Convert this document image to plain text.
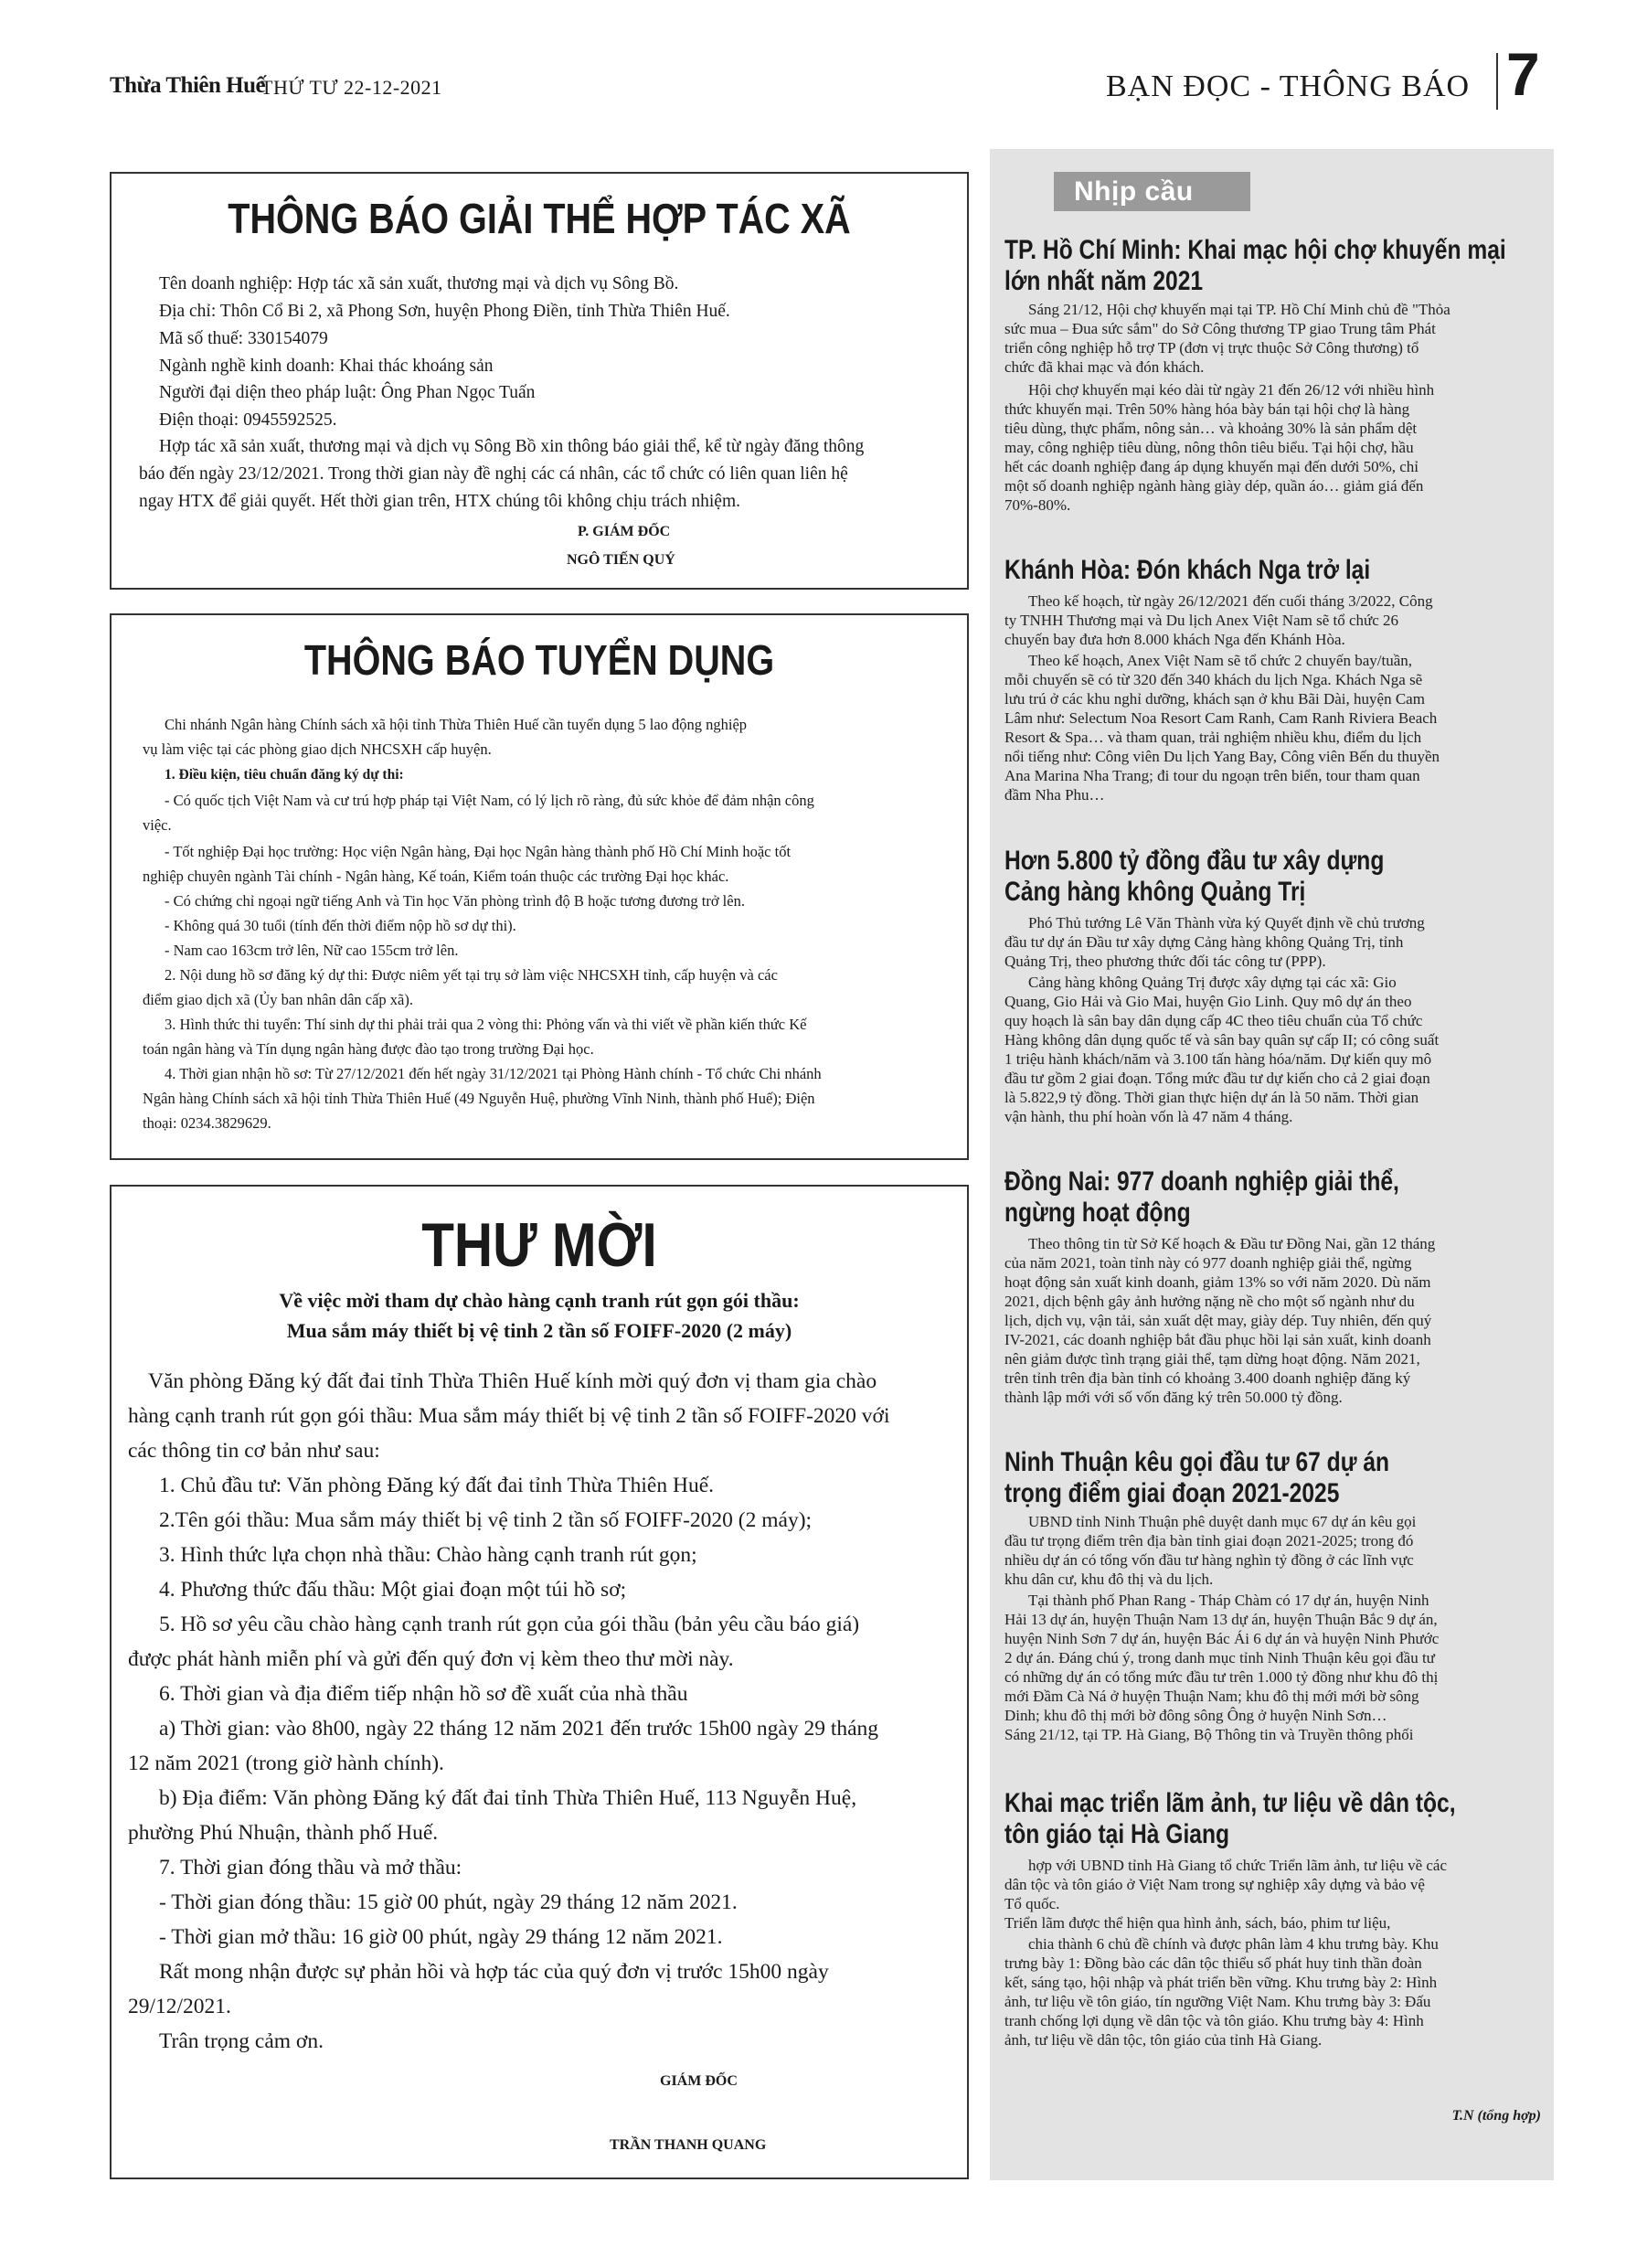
Thừa Thiên Huế
THỨ TƯ 22-12-2021	BẠN ĐỌC - THÔNG BÁO 7
THÔNG BÁO GIẢI THỂ HỢP TÁC XÃ
Tên doanh nghiệp: Hợp tác xã sản xuất, thương mại và dịch vụ Sông Bồ.
Địa chỉ: Thôn Cổ Bi 2, xã Phong Sơn, huyện Phong Điền, tỉnh Thừa Thiên Huế.
Mã số thuế: 330154079
Ngành nghề kinh doanh: Khai thác khoáng sản
Người đại diện theo pháp luật: Ông Phan Ngọc Tuấn
Điện thoại: 0945592525.
Hợp tác xã sản xuất, thương mại và dịch vụ Sông Bồ xin thông báo giải thể, kể từ ngày đăng thông
báo đến ngày 23/12/2021. Trong thời gian này đề nghị các cá nhân, các tổ chức có liên quan liên hệ
ngay HTX để giải quyết. Hết thời gian trên, HTX chúng tôi không chịu trách nhiệm.
P. GIÁM ĐỐC
NGÔ TIẾN QUÝ
THÔNG BÁO TUYỂN DỤNG
Chi nhánh Ngân hàng Chính sách xã hội tỉnh Thừa Thiên Huế cần tuyển dụng 5 lao động nghiệp
vụ làm việc tại các phòng giao dịch NHCSXH cấp huyện.
1. Điều kiện, tiêu chuẩn đăng ký dự thi:
- Có quốc tịch Việt Nam và cư trú hợp pháp tại Việt Nam, có lý lịch rõ ràng, đủ sức khỏe để đảm nhận công
việc.
- Tốt nghiệp Đại học trường: Học viện Ngân hàng, Đại học Ngân hàng thành phố Hồ Chí Minh hoặc tốt
nghiệp chuyên ngành Tài chính - Ngân hàng, Kế toán, Kiểm toán thuộc các trường Đại học khác.
- Có chứng chỉ ngoại ngữ tiếng Anh và Tin học Văn phòng trình độ B hoặc tương đương trở lên.
- Không quá 30 tuổi (tính đến thời điểm nộp hồ sơ dự thi).
- Nam cao 163cm trở lên, Nữ cao 155cm trở lên.
2. Nội dung hồ sơ đăng ký dự thi: Được niêm yết tại trụ sở làm việc NHCSXH tỉnh, cấp huyện và các
điểm giao dịch xã (Ủy ban nhân dân cấp xã).
3. Hình thức thi tuyển: Thí sinh dự thi phải trải qua 2 vòng thi: Phỏng vấn và thi viết về phần kiến thức Kế
toán ngân hàng và Tín dụng ngân hàng được đào tạo trong trường Đại học.
4. Thời gian nhận hồ sơ: Từ 27/12/2021 đến hết ngày 31/12/2021 tại Phòng Hành chính - Tổ chức Chi nhánh
Ngân hàng Chính sách xã hội tỉnh Thừa Thiên Huế (49 Nguyễn Huệ, phường Vĩnh Ninh, thành phố Huế); Điện
thoại: 0234.3829629.
THƯ MỜI
Về việc mời tham dự chào hàng cạnh tranh rút gọn gói thầu:
Mua sắm máy thiết bị vệ tinh 2 tần số FOIFF-2020 (2 máy)
Văn phòng Đăng ký đất đai tỉnh Thừa Thiên Huế kính mời quý đơn vị tham gia chào
hàng cạnh tranh rút gọn gói thầu: Mua sắm máy thiết bị vệ tinh 2 tần số FOIFF-2020 với
các thông tin cơ bản như sau:
1. Chủ đầu tư: Văn phòng Đăng ký đất đai tỉnh Thừa Thiên Huế.
2.Tên gói thầu: Mua sắm máy thiết bị vệ tinh 2 tần số FOIFF-2020 (2 máy);
3. Hình thức lựa chọn nhà thầu: Chào hàng cạnh tranh rút gọn;
4. Phương thức đấu thầu: Một giai đoạn một túi hồ sơ;
5. Hồ sơ yêu cầu chào hàng cạnh tranh rút gọn của gói thầu (bản yêu cầu báo giá)
được phát hành miễn phí và gửi đến quý đơn vị kèm theo thư mời này.
6. Thời gian và địa điểm tiếp nhận hồ sơ đề xuất của nhà thầu
a) Thời gian: vào 8h00, ngày 22 tháng 12 năm 2021 đến trước 15h00 ngày 29 tháng
12 năm 2021 (trong giờ hành chính).
b) Địa điểm: Văn phòng Đăng ký đất đai tỉnh Thừa Thiên Huế, 113 Nguyễn Huệ,
phường Phú Nhuận, thành phố Huế.
7. Thời gian đóng thầu và mở thầu:
- Thời gian đóng thầu: 15 giờ 00 phút, ngày 29 tháng 12 năm 2021.
- Thời gian mở thầu: 16 giờ 00 phút, ngày 29 tháng 12 năm 2021.
Rất mong nhận được sự phản hồi và hợp tác của quý đơn vị trước 15h00 ngày
29/12/2021.
Trân trọng cảm ơn.
GIÁM ĐỐC
TRẦN THANH QUANG
Nhịp cầu
TP. Hồ Chí Minh: Khai mạc hội chợ khuyến mại
lớn nhất năm 2021
Sáng 21/12, Hội chợ khuyến mại tại TP. Hồ Chí Minh chủ đề "Thỏa
sức mua – Đua sức sắm" do Sở Công thương TP giao Trung tâm Phát
triển công nghiệp hỗ trợ TP (đơn vị trực thuộc Sở Công thương) tổ
chức đã khai mạc và đón khách.
Hội chợ khuyến mại kéo dài từ ngày 21 đến 26/12 với nhiều hình
thức khuyến mại. Trên 50% hàng hóa bày bán tại hội chợ là hàng
tiêu dùng, thực phẩm, nông sản… và khoảng 30% là sản phẩm dệt
may, công nghiệp tiêu dùng, nông thôn tiêu biểu. Tại hội chợ, hầu
hết các doanh nghiệp đang áp dụng khuyến mại đến dưới 50%, chỉ
một số doanh nghiệp ngành hàng giày dép, quần áo… giảm giá đến
70%-80%.
Khánh Hòa: Đón khách Nga trở lại
Theo kế hoạch, từ ngày 26/12/2021 đến cuối tháng 3/2022, Công
ty TNHH Thương mại và Du lịch Anex Việt Nam sẽ tổ chức 26
chuyến bay đưa hơn 8.000 khách Nga đến Khánh Hòa.
Theo kế hoạch, Anex Việt Nam sẽ tổ chức 2 chuyến bay/tuần,
mỗi chuyến sẽ có từ 320 đến 340 khách du lịch Nga. Khách Nga sẽ
lưu trú ở các khu nghỉ dưỡng, khách sạn ở khu Bãi Dài, huyện Cam
Lâm như: Selectum Noa Resort Cam Ranh, Cam Ranh Riviera Beach
Resort & Spa… và tham quan, trải nghiệm nhiều khu, điểm du lịch
nổi tiếng như: Công viên Du lịch Yang Bay, Công viên Bến du thuyền
Ana Marina Nha Trang; đi tour du ngoạn trên biển, tour tham quan
đầm Nha Phu…
Hơn 5.800 tỷ đồng đầu tư xây dựng
Cảng hàng không Quảng Trị
Phó Thủ tướng Lê Văn Thành vừa ký Quyết định về chủ trương
đầu tư dự án Đầu tư xây dựng Cảng hàng không Quảng Trị, tỉnh
Quảng Trị, theo phương thức đối tác công tư (PPP).
Cảng hàng không Quảng Trị được xây dựng tại các xã: Gio
Quang, Gio Hải và Gio Mai, huyện Gio Linh. Quy mô dự án theo
quy hoạch là sân bay dân dụng cấp 4C theo tiêu chuẩn của Tổ chức
Hàng không dân dụng quốc tế và sân bay quân sự cấp II; có công suất
1 triệu hành khách/năm và 3.100 tấn hàng hóa/năm. Dự kiến quy mô
đầu tư gồm 2 giai đoạn. Tổng mức đầu tư dự kiến cho cả 2 giai đoạn
là 5.822,9 tỷ đồng. Thời gian thực hiện dự án là 50 năm. Thời gian
vận hành, thu phí hoàn vốn là 47 năm 4 tháng.
Đồng Nai: 977 doanh nghiệp giải thể,
ngừng hoạt động
Theo thông tin từ Sở Kế hoạch & Đầu tư Đồng Nai, gần 12 tháng
của năm 2021, toàn tỉnh này có 977 doanh nghiệp giải thể, ngừng
hoạt động sản xuất kinh doanh, giảm 13% so với năm 2020. Dù năm
2021, dịch bệnh gây ảnh hưởng nặng nề cho một số ngành như du
lịch, dịch vụ, vận tải, sản xuất dệt may, giày dép. Tuy nhiên, đến quý
IV-2021, các doanh nghiệp bắt đầu phục hồi lại sản xuất, kinh doanh
nên giảm được tình trạng giải thể, tạm dừng hoạt động. Năm 2021,
trên tỉnh trên địa bàn tỉnh có khoảng 3.400 doanh nghiệp đăng ký
thành lập mới với số vốn đăng ký trên 50.000 tỷ đồng.
Ninh Thuận kêu gọi đầu tư 67 dự án
trọng điểm giai đoạn 2021-2025
UBND tỉnh Ninh Thuận phê duyệt danh mục 67 dự án kêu gọi
đầu tư trọng điểm trên địa bàn tỉnh giai đoạn 2021-2025; trong đó
nhiều dự án có tổng vốn đầu tư hàng nghìn tỷ đồng ở các lĩnh vực
khu dân cư, khu đô thị và du lịch.
Tại thành phố Phan Rang - Tháp Chàm có 17 dự án, huyện Ninh
Hải 13 dự án, huyện Thuận Nam 13 dự án, huyện Thuận Bắc 9 dự án,
huyện Ninh Sơn 7 dự án, huyện Bác Ái 6 dự án và huyện Ninh Phước
2 dự án. Đáng chú ý, trong danh mục tỉnh Ninh Thuận kêu gọi đầu tư
có những dự án có tổng mức đầu tư trên 1.000 tỷ đồng như khu đô thị
mới Đầm Cà Ná ở huyện Thuận Nam; khu đô thị mới mới bờ sông
Dinh; khu đô thị mới bờ đông sông Ông ở huyện Ninh Sơn…
Sáng 21/12, tại TP. Hà Giang, Bộ Thông tin và Truyền thông phối
Khai mạc triển lãm ảnh, tư liệu về dân tộc,
tôn giáo tại Hà Giang
hợp với UBND tỉnh Hà Giang tổ chức Triển lãm ảnh, tư liệu về các
dân tộc và tôn giáo ở Việt Nam trong sự nghiệp xây dựng và bảo vệ
Tổ quốc.
Triển lãm được thể hiện qua hình ảnh, sách, báo, phim tư liệu,
chia thành 6 chủ đề chính và được phân làm 4 khu trưng bày. Khu
trưng bày 1: Đồng bào các dân tộc thiểu số phát huy tinh thần đoàn
kết, sáng tạo, hội nhập và phát triển bền vững. Khu trưng bày 2: Hình
ảnh, tư liệu về tôn giáo, tín ngưỡng Việt Nam. Khu trưng bày 3: Đấu
tranh chống lợi dụng về dân tộc và tôn giáo. Khu trưng bày 4: Hình
ảnh, tư liệu về dân tộc, tôn giáo của tỉnh Hà Giang.
T.N (tổng hợp)
